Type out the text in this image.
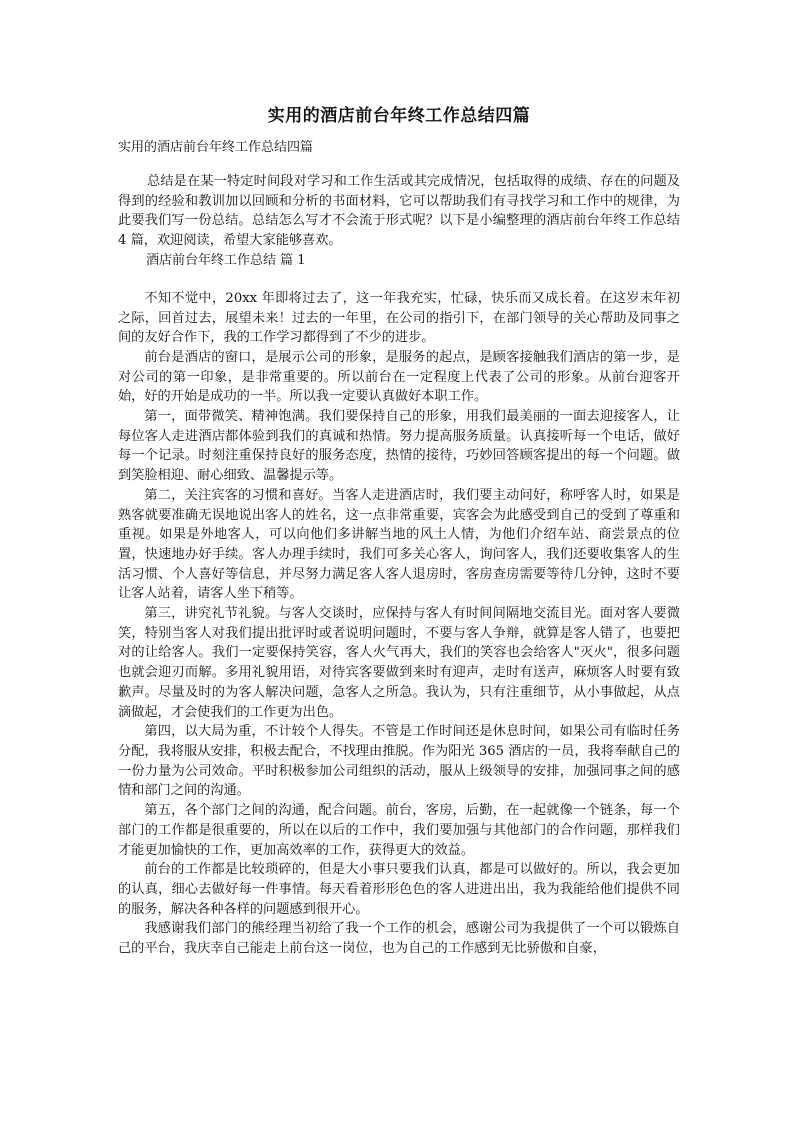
实用的酒店前台年终工作总结四篇
实用的酒店前台年终工作总结四篇

总结是在某一特定时间段对学习和工作生活或其完成情况，包括取得的成绩、存在的问题及得到的经验和教训加以回顾和分析的书面材料，它可以帮助我们有寻找学习和工作中的规律，为此要我们写一份总结。总结怎么写才不会流于形式呢？以下是小编整理的酒店前台年终工作总结 4 篇，欢迎阅读，希望大家能够喜欢。

酒店前台年终工作总结 篇 1

不知不觉中，20xx 年即将过去了，这一年我充实，忙碌，快乐而又成长着。在这岁末年初之际，回首过去，展望未来！过去的一年里，在公司的指引下，在部门领导的关心帮助及同事之间的友好合作下，我的工作学习都得到了不少的进步。

前台是酒店的窗口，是展示公司的形象，是服务的起点，是顾客接触我们酒店的第一步，是对公司的第一印象，是非常重要的。所以前台在一定程度上代表了公司的形象。从前台迎客开始，好的开始是成功的一半。所以我一定要认真做好本职工作。

第一，面带微笑、精神饱满。我们要保持自己的形象，用我们最美丽的一面去迎接客人，让每位客人走进酒店都体验到我们的真诚和热情。努力提高服务质量。认真接听每一个电话，做好每一个记录。时刻注重保持良好的服务态度，热情的接待，巧妙回答顾客提出的每一个问题。做到笑脸相迎、耐心细致、温馨提示等。

第二，关注宾客的习惯和喜好。当客人走进酒店时，我们要主动问好，称呼客人时，如果是熟客就要准确无误地说出客人的姓名，这一点非常重要，宾客会为此感受到自己的受到了尊重和重视。如果是外地客人，可以向他们多讲解当地的风土人情，为他们介绍车站、商尝景点的位置，快速地办好手续。客人办理手续时，我们可多关心客人，询问客人，我们还要收集客人的生活习惯、个人喜好等信息，并尽努力满足客人客人退房时，客房查房需要等待几分钟，这时不要让客人站着，请客人坐下稍等。

第三，讲究礼节礼貌。与客人交谈时，应保持与客人有时间间隔地交流目光。面对客人要微笑，特别当客人对我们提出批评时或者说明问题时，不要与客人争辩，就算是客人错了，也要把对的让给客人。我们一定要保持笑容，客人火气再大，我们的笑容也会给客人"灭火"，很多问题也就会迎刃而解。多用礼貌用语，对待宾客要做到来时有迎声，走时有送声，麻烦客人时要有致歉声。尽量及时的为客人解决问题，急客人之所急。我认为，只有注重细节，从小事做起，从点滴做起，才会使我们的工作更为出色。

第四，以大局为重，不计较个人得失。不管是工作时间还是休息时间，如果公司有临时任务分配，我将服从安排，积极去配合，不找理由推脱。作为阳光 365 酒店的一员，我将奉献自己的一份力量为公司效命。平时积极参加公司组织的活动，服从上级领导的安排，加强同事之间的感情和部门之间的沟通。

第五，各个部门之间的沟通，配合问题。前台，客房，后勤，在一起就像一个链条，每一个部门的工作都是很重要的，所以在以后的工作中，我们要加强与其他部门的合作问题，那样我们才能更加愉快的工作，更加高效率的工作，获得更大的效益。

前台的工作都是比较琐碎的，但是大小事只要我们认真，都是可以做好的。所以，我会更加的认真，细心去做好每一件事情。每天看着形形色色的客人进进出出，我为我能给他们提供不同的服务，解决各种各样的问题感到很开心。

我感谢我们部门的熊经理当初给了我一个工作的机会，感谢公司为我提供了一个可以锻炼自己的平台，我庆幸自己能走上前台这一岗位，也为自己的工作感到无比骄傲和自豪，
